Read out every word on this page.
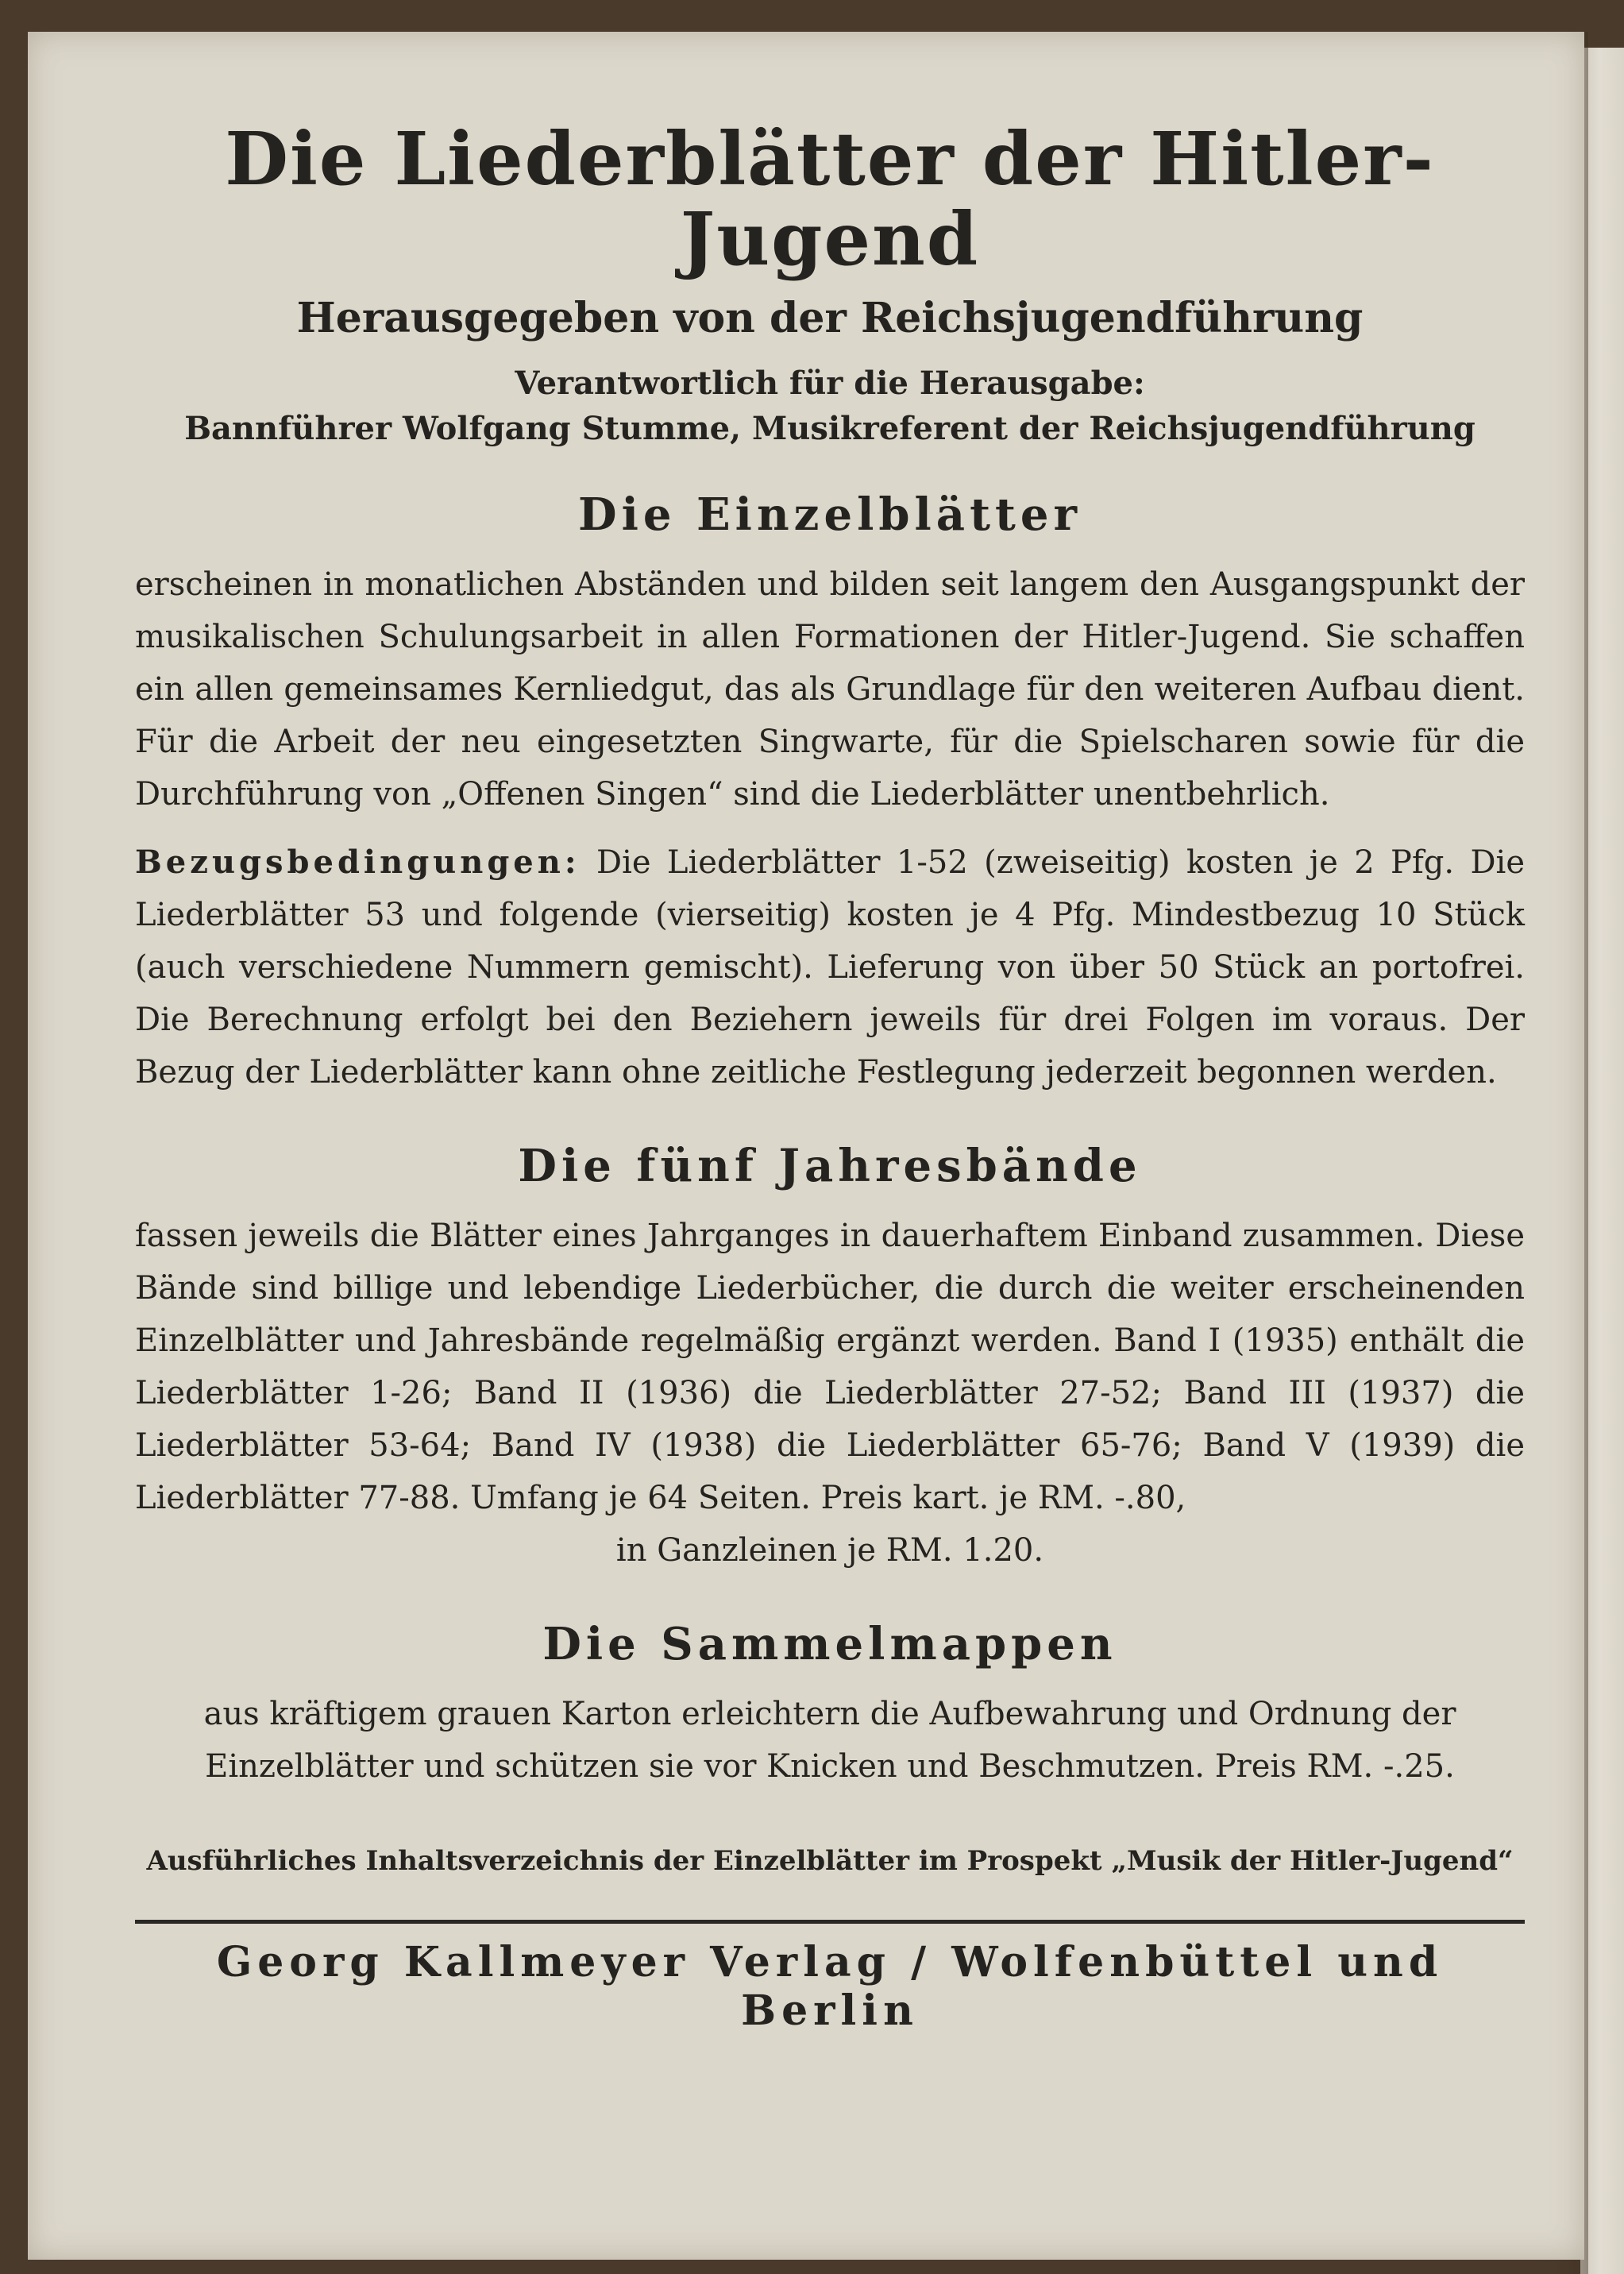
Die Liederblätter der Hitler-Jugend
Herausgegeben von der Reichsjugendführung
Verantwortlich für die Herausgabe:
Bannführer Wolfgang Stumme, Musikreferent der Reichsjugendführung
Die Einzelblätter

erscheinen in monatlichen Abständen und bilden seit langem den Ausgangspunkt der musikalischen Schulungsarbeit in allen Formationen der Hitler-Jugend. Sie schaffen ein allen gemeinsames Kernliedgut, das als Grundlage für den weiteren Aufbau dient. Für die Arbeit der neu eingesetzten Singwarte, für die Spielscharen sowie für die Durchführung von „Offenen Singen“ sind die Liederblätter unentbehrlich.

Bezugsbedingungen: Die Liederblätter 1-52 (zweiseitig) kosten je 2 Pfg. Die Liederblätter 53 und folgende (vierseitig) kosten je 4 Pfg. Mindestbezug 10 Stück (auch verschiedene Nummern gemischt). Lieferung von über 50 Stück an portofrei. Die Berechnung erfolgt bei den Beziehern jeweils für drei Folgen im voraus. Der Bezug der Liederblätter kann ohne zeitliche Festlegung jederzeit begonnen werden.

Die fünf Jahresbände

fassen jeweils die Blätter eines Jahrganges in dauerhaftem Einband zusammen. Diese Bände sind billige und lebendige Liederbücher, die durch die weiter erscheinenden Einzelblätter und Jahresbände regelmäßig ergänzt werden. Band I (1935) enthält die Liederblätter 1-26; Band II (1936) die Liederblätter 27-52; Band III (1937) die Liederblätter 53-64; Band IV (1938) die Liederblätter 65-76; Band V (1939) die Liederblätter 77-88. Umfang je 64 Seiten. Preis kart. je RM. -.80,

in Ganzleinen je RM. 1.20.

Die Sammelmappen

aus kräftigem grauen Karton erleichtern die Aufbewahrung und Ordnung der Einzelblätter und schützen sie vor Knicken und Beschmutzen. Preis RM. -.25.

Ausführliches Inhaltsverzeichnis der Einzelblätter im Prospekt „Musik der Hitler-Jugend“
Georg Kallmeyer Verlag / Wolfenbüttel und Berlin
